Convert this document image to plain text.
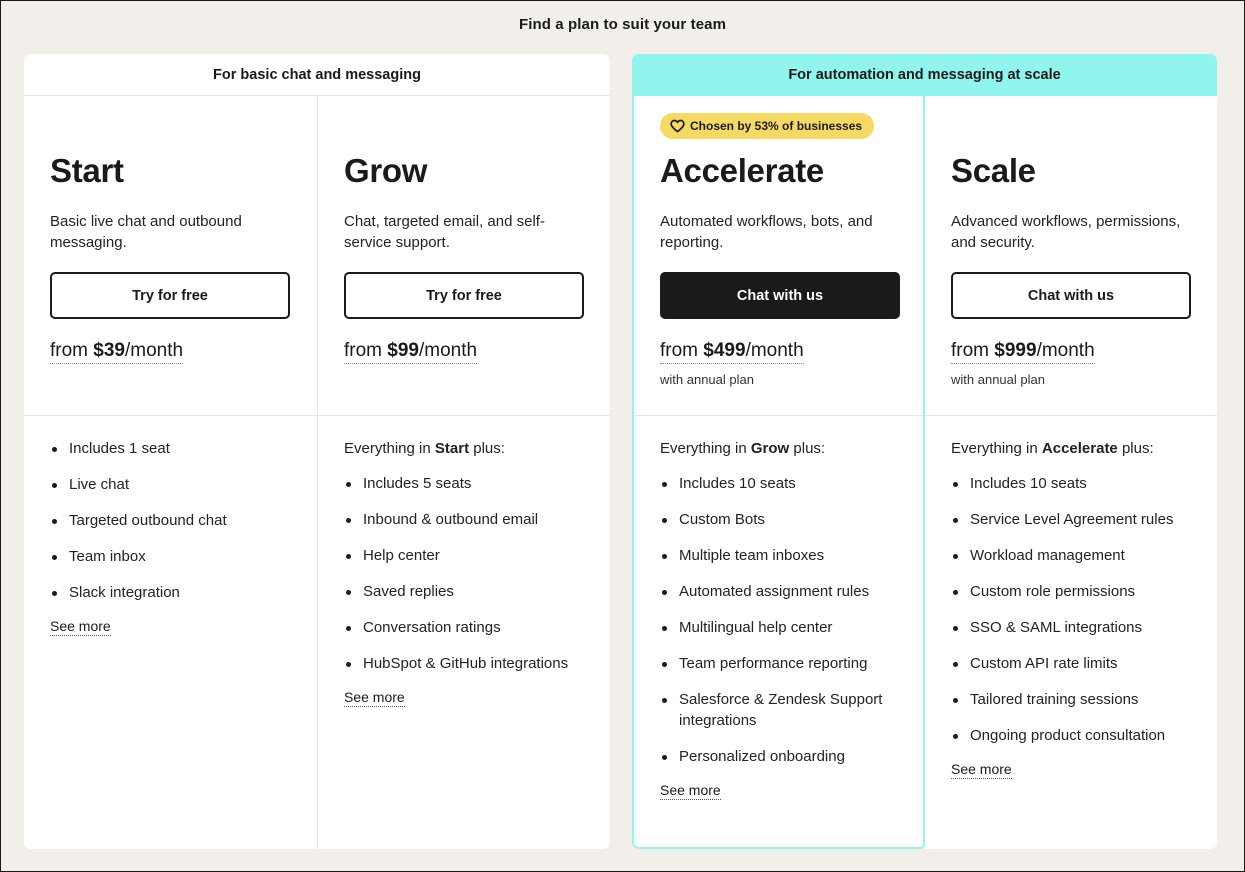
Find a plan to suit your team
For basic chat and messaging
Start
Basic live chat and outbound messaging.
Try for free
from $39/month
Includes 1 seat
Live chat
Targeted outbound chat
Team inbox
Slack integration
See more
Grow
Chat, targeted email, and self-service support.
Try for free
from $99/month
Everything in Start plus:
Includes 5 seats
Inbound & outbound email
Help center
Saved replies
Conversation ratings
HubSpot & GitHub integrations
See more
For automation and messaging at scale
Chosen by 53% of businesses
Accelerate
Automated workflows, bots, and reporting.
Chat with us
from $499/month
with annual plan
Everything in Grow plus:
Includes 10 seats
Custom Bots
Multiple team inboxes
Automated assignment rules
Multilingual help center
Team performance reporting
Salesforce & Zendesk Support integrations
Personalized onboarding
See more
Scale
Advanced workflows, permissions, and security.
Chat with us
from $999/month
with annual plan
Everything in Accelerate plus:
Includes 10 seats
Service Level Agreement rules
Workload management
Custom role permissions
SSO & SAML integrations
Custom API rate limits
Tailored training sessions
Ongoing product consultation
See more
